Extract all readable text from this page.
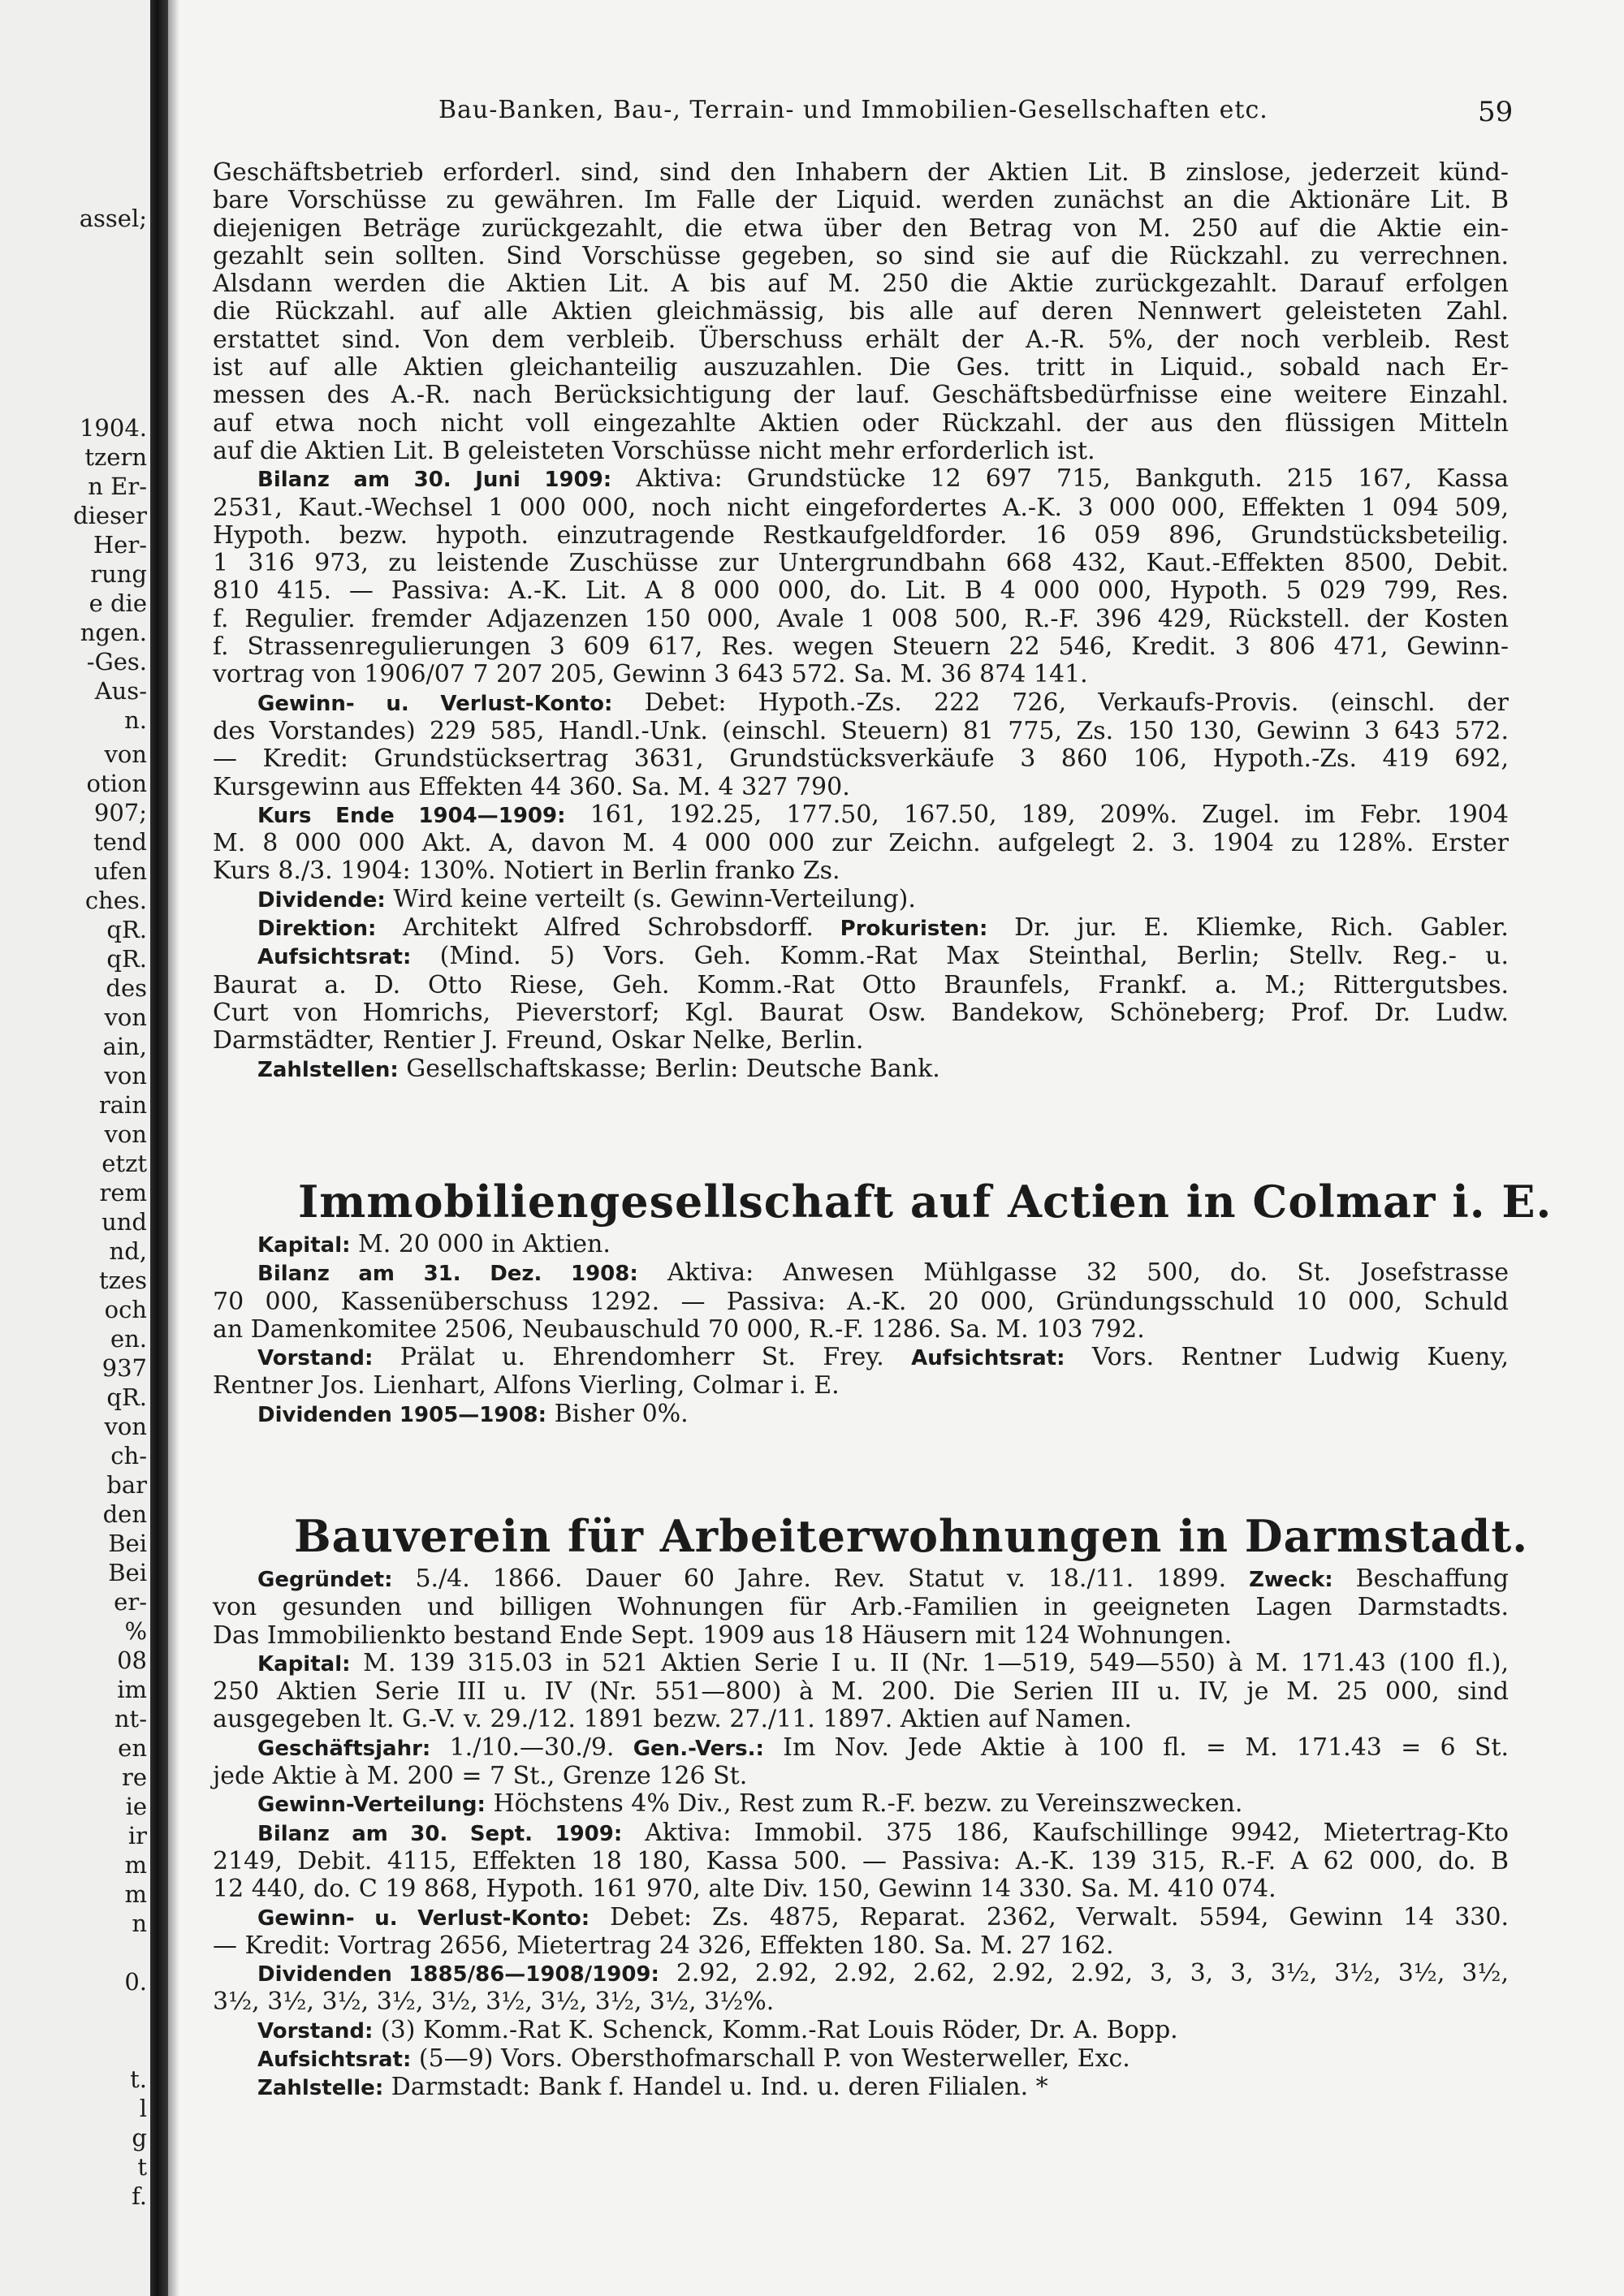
assel;
1904.
tzern
n Er-
dieser
Her-
rung
e die
ngen.
-Ges.
Aus-
n.
von
otion
907;
tend
ufen
ches.
qR.
qR.
des
von
ain,
von
rain
von
etzt
rem
und
nd,
tzes
och
en.
937
qR.
von
ch-
bar
den
Bei
Bei
er-
%
08
im
nt-
en
re
ie
ir
m
m
n
0.
t.
l
g
t
f.
Bau-Banken, Bau-, Terrain- und Immobilien-Gesellschaften etc.	59

Geschäftsbetrieb erforderl. sind, sind den Inhabern der Aktien Lit. B zinslose, jederzeit künd-

bare Vorschüsse zu gewähren. Im Falle der Liquid. werden zunächst an die Aktionäre Lit. B

diejenigen Beträge zurückgezahlt, die etwa über den Betrag von M. 250 auf die Aktie ein-

gezahlt sein sollten. Sind Vorschüsse gegeben, so sind sie auf die Rückzahl. zu verrechnen.

Alsdann werden die Aktien Lit. A bis auf M. 250 die Aktie zurückgezahlt. Darauf erfolgen

die Rückzahl. auf alle Aktien gleichmässig, bis alle auf deren Nennwert geleisteten Zahl.

erstattet sind. Von dem verbleib. Überschuss erhält der A.-R. 5%, der noch verbleib. Rest

ist auf alle Aktien gleichanteilig auszuzahlen. Die Ges. tritt in Liquid., sobald nach Er-

messen des A.-R. nach Berücksichtigung der lauf. Geschäftsbedürfnisse eine weitere Einzahl.

auf etwa noch nicht voll eingezahlte Aktien oder Rückzahl. der aus den flüssigen Mitteln

auf die Aktien Lit. B geleisteten Vorschüsse nicht mehr erforderlich ist.

Bilanz am 30. Juni 1909: Aktiva: Grundstücke 12 697 715, Bankguth. 215 167, Kassa

2531, Kaut.-Wechsel 1 000 000, noch nicht eingefordertes A.-K. 3 000 000, Effekten 1 094 509,

Hypoth. bezw. hypoth. einzutragende Restkaufgeldforder. 16 059 896, Grundstücksbeteilig.

1 316 973, zu leistende Zuschüsse zur Untergrundbahn 668 432, Kaut.-Effekten 8500, Debit.

810 415. — Passiva: A.-K. Lit. A 8 000 000, do. Lit. B 4 000 000, Hypoth. 5 029 799, Res.

f. Regulier. fremder Adjazenzen 150 000, Avale 1 008 500, R.-F. 396 429, Rückstell. der Kosten

f. Strassenregulierungen 3 609 617, Res. wegen Steuern 22 546, Kredit. 3 806 471, Gewinn-

vortrag von 1906/07 7 207 205, Gewinn 3 643 572. Sa. M. 36 874 141.

Gewinn- u. Verlust-Konto: Debet: Hypoth.-Zs. 222 726, Verkaufs-Provis. (einschl. der

des Vorstandes) 229 585, Handl.-Unk. (einschl. Steuern) 81 775, Zs. 150 130, Gewinn 3 643 572.

— Kredit: Grundstücksertrag 3631, Grundstücksverkäufe 3 860 106, Hypoth.-Zs. 419 692,

Kursgewinn aus Effekten 44 360. Sa. M. 4 327 790.

Kurs Ende 1904—1909: 161, 192.25, 177.50, 167.50, 189, 209%. Zugel. im Febr. 1904

M. 8 000 000 Akt. A, davon M. 4 000 000 zur Zeichn. aufgelegt 2. 3. 1904 zu 128%. Erster

Kurs 8./3. 1904: 130%. Notiert in Berlin franko Zs.

Dividende: Wird keine verteilt (s. Gewinn-Verteilung).

Direktion: Architekt Alfred Schrobsdorff. Prokuristen: Dr. jur. E. Kliemke, Rich. Gabler.

Aufsichtsrat: (Mind. 5) Vors. Geh. Komm.-Rat Max Steinthal, Berlin; Stellv. Reg.- u.

Baurat a. D. Otto Riese, Geh. Komm.-Rat Otto Braunfels, Frankf. a. M.; Rittergutsbes.

Curt von Homrichs, Pieverstorf; Kgl. Baurat Osw. Bandekow, Schöneberg; Prof. Dr. Ludw.

Darmstädter, Rentier J. Freund, Oskar Nelke, Berlin.

Zahlstellen: Gesellschaftskasse; Berlin: Deutsche Bank.

Immobiliengesellschaft auf Actien in Colmar i. E.

Kapital: M. 20 000 in Aktien.

Bilanz am 31. Dez. 1908: Aktiva: Anwesen Mühlgasse 32 500, do. St. Josefstrasse

70 000, Kassenüberschuss 1292. — Passiva: A.-K. 20 000, Gründungsschuld 10 000, Schuld

an Damenkomitee 2506, Neubauschuld 70 000, R.-F. 1286. Sa. M. 103 792.

Vorstand: Prälat u. Ehrendomherr St. Frey. Aufsichtsrat: Vors. Rentner Ludwig Kueny,

Rentner Jos. Lienhart, Alfons Vierling, Colmar i. E.

Dividenden 1905—1908: Bisher 0%.

Bauverein für Arbeiterwohnungen in Darmstadt.

Gegründet: 5./4. 1866. Dauer 60 Jahre. Rev. Statut v. 18./11. 1899. Zweck: Beschaffung

von gesunden und billigen Wohnungen für Arb.-Familien in geeigneten Lagen Darmstadts.

Das Immobilienkto bestand Ende Sept. 1909 aus 18 Häusern mit 124 Wohnungen.

Kapital: M. 139 315.03 in 521 Aktien Serie I u. II (Nr. 1—519, 549—550) à M. 171.43 (100 fl.),

250 Aktien Serie III u. IV (Nr. 551—800) à M. 200. Die Serien III u. IV, je M. 25 000, sind

ausgegeben lt. G.-V. v. 29./12. 1891 bezw. 27./11. 1897. Aktien auf Namen.

Geschäftsjahr: 1./10.—30./9. Gen.-Vers.: Im Nov. Jede Aktie à 100 fl. = M. 171.43 = 6 St.

jede Aktie à M. 200 = 7 St., Grenze 126 St.

Gewinn-Verteilung: Höchstens 4% Div., Rest zum R.-F. bezw. zu Vereinszwecken.

Bilanz am 30. Sept. 1909: Aktiva: Immobil. 375 186, Kaufschillinge 9942, Mietertrag-Kto

2149, Debit. 4115, Effekten 18 180, Kassa 500. — Passiva: A.-K. 139 315, R.-F. A 62 000, do. B

12 440, do. C 19 868, Hypoth. 161 970, alte Div. 150, Gewinn 14 330. Sa. M. 410 074.

Gewinn- u. Verlust-Konto: Debet: Zs. 4875, Reparat. 2362, Verwalt. 5594, Gewinn 14 330.

— Kredit: Vortrag 2656, Mietertrag 24 326, Effekten 180. Sa. M. 27 162.

Dividenden 1885/86—1908/1909: 2.92, 2.92, 2.92, 2.62, 2.92, 2.92, 3, 3, 3, 3½, 3½, 3½, 3½,

3½, 3½, 3½, 3½, 3½, 3½, 3½, 3½, 3½, 3½%.

Vorstand: (3) Komm.-Rat K. Schenck, Komm.-Rat Louis Röder, Dr. A. Bopp.

Aufsichtsrat: (5—9) Vors. Obersthofmarschall P. von Westerweller, Exc.

Zahlstelle: Darmstadt: Bank f. Handel u. Ind. u. deren Filialen. *
